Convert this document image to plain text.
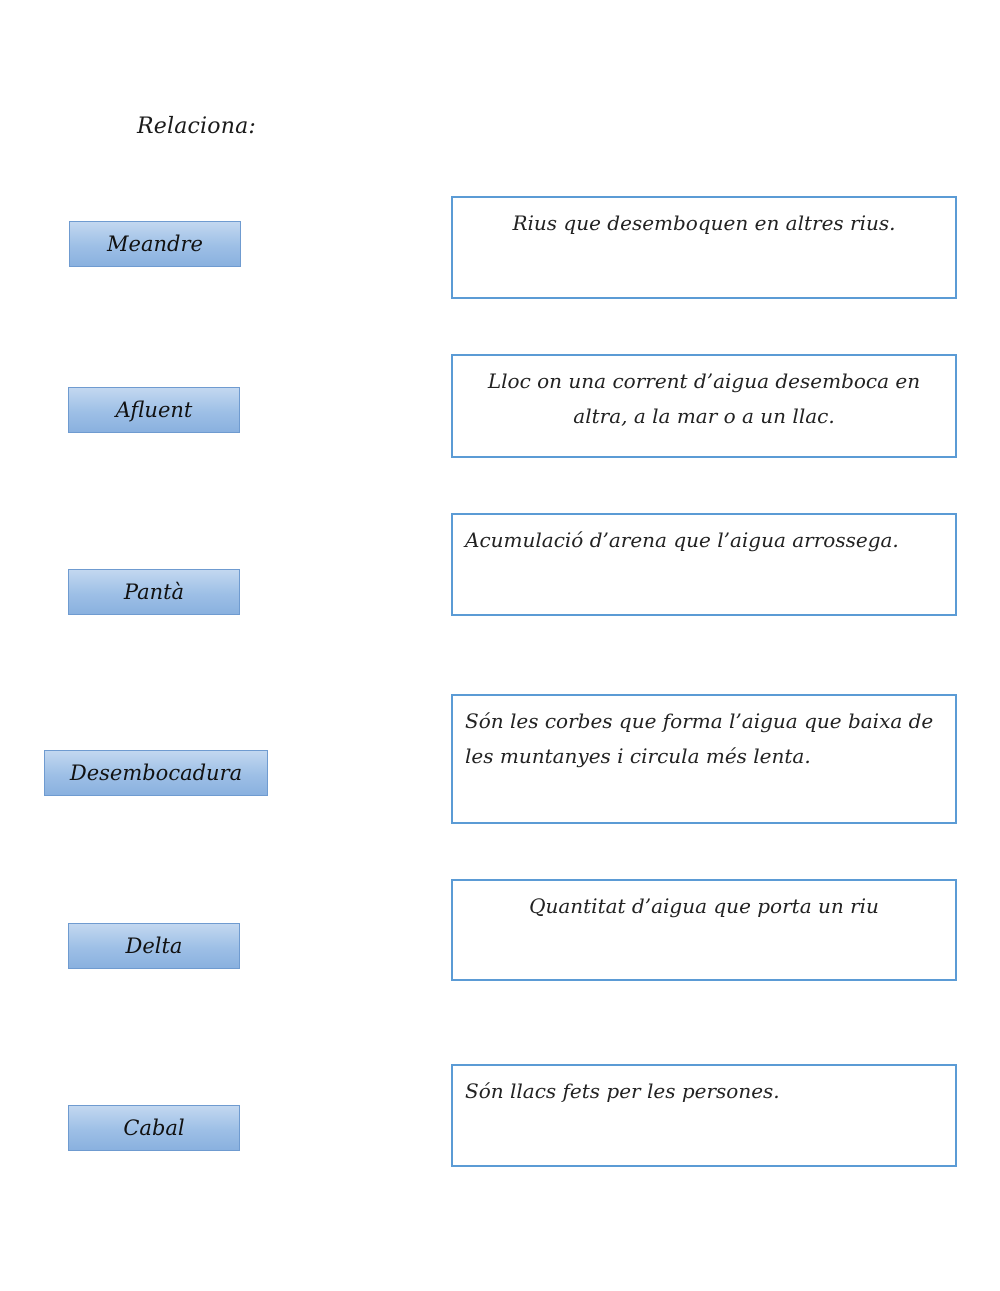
Relaciona:
Meandre
Afluent
Pantà
Desembocadura
Delta
Cabal
Rius que desemboquen en altres rius.
Lloc on una corrent d’aigua desemboca en altra, a la mar o a un llac.
Acumulació d’arena que l’aigua arrossega.
Són les corbes que forma l’aigua que baixa de les muntanyes i circula més lenta.
Quantitat d’aigua que porta un riu
Són llacs fets per les persones.
